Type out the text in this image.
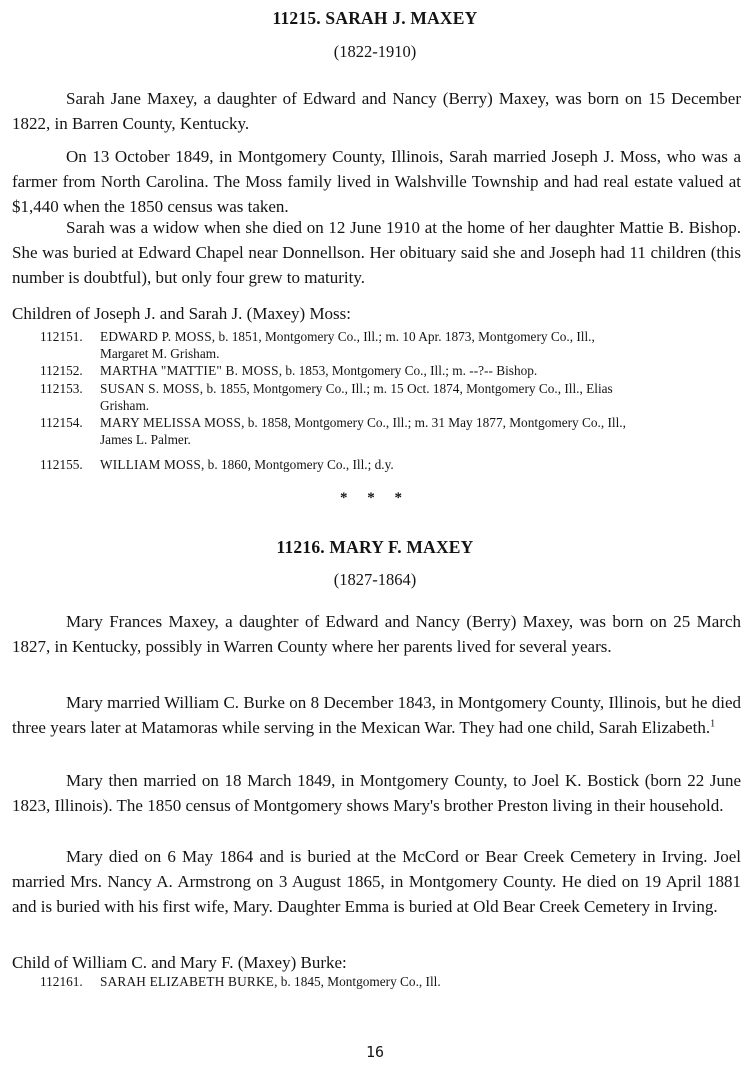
11215. SARAH J. MAXEY
(1822-1910)

Sarah Jane Maxey, a daughter of Edward and Nancy (Berry) Maxey, was born on 15 December 1822, in Barren County, Kentucky.

On 13 October 1849, in Montgomery County, Illinois, Sarah married Joseph J. Moss, who was a farmer from North Carolina. The Moss family lived in Walshville Township and had real estate valued at $1,440 when the 1850 census was taken.

Sarah was a widow when she died on 12 June 1910 at the home of her daughter Mattie B. Bishop. She was buried at Edward Chapel near Donnellson. Her obituary said she and Joseph had 11 children (this number is doubtful), but only four grew to maturity.

Children of Joseph J. and Sarah J. (Maxey) Moss:
112151. EDWARD P. MOSS, b. 1851, Montgomery Co., Ill.; m. 10 Apr. 1873, Montgomery Co., Ill.,
Margaret M. Grisham.
112152. MARTHA "MATTIE" B. MOSS, b. 1853, Montgomery Co., Ill.; m. --?-- Bishop.
112153. SUSAN S. MOSS, b. 1855, Montgomery Co., Ill.; m. 15 Oct. 1874, Montgomery Co., Ill., Elias
Grisham.
112154. MARY MELISSA MOSS, b. 1858, Montgomery Co., Ill.; m. 31 May 1877, Montgomery Co., Ill.,
James L. Palmer.
112155. WILLIAM MOSS, b. 1860, Montgomery Co., Ill.; d.y.
* * *
11216. MARY F. MAXEY
(1827-1864)

Mary Frances Maxey, a daughter of Edward and Nancy (Berry) Maxey, was born on 25 March 1827, in Kentucky, possibly in Warren County where her parents lived for several years.

Mary married William C. Burke on 8 December 1843, in Montgomery County, Illinois, but he died three years later at Matamoras while serving in the Mexican War. They had one child, Sarah Elizabeth.$^1$

Mary then married on 18 March 1849, in Montgomery County, to Joel K. Bostick (born 22 June 1823, Illinois). The 1850 census of Montgomery shows Mary's brother Preston living in their household.

Mary died on 6 May 1864 and is buried at the McCord or Bear Creek Cemetery in Irving. Joel married Mrs. Nancy A. Armstrong on 3 August 1865, in Montgomery County. He died on 19 April 1881 and is buried with his first wife, Mary. Daughter Emma is buried at Old Bear Creek Cemetery in Irving.

Child of William C. and Mary F. (Maxey) Burke:
112161. SARAH ELIZABETH BURKE, b. 1845, Montgomery Co., Ill.
16
